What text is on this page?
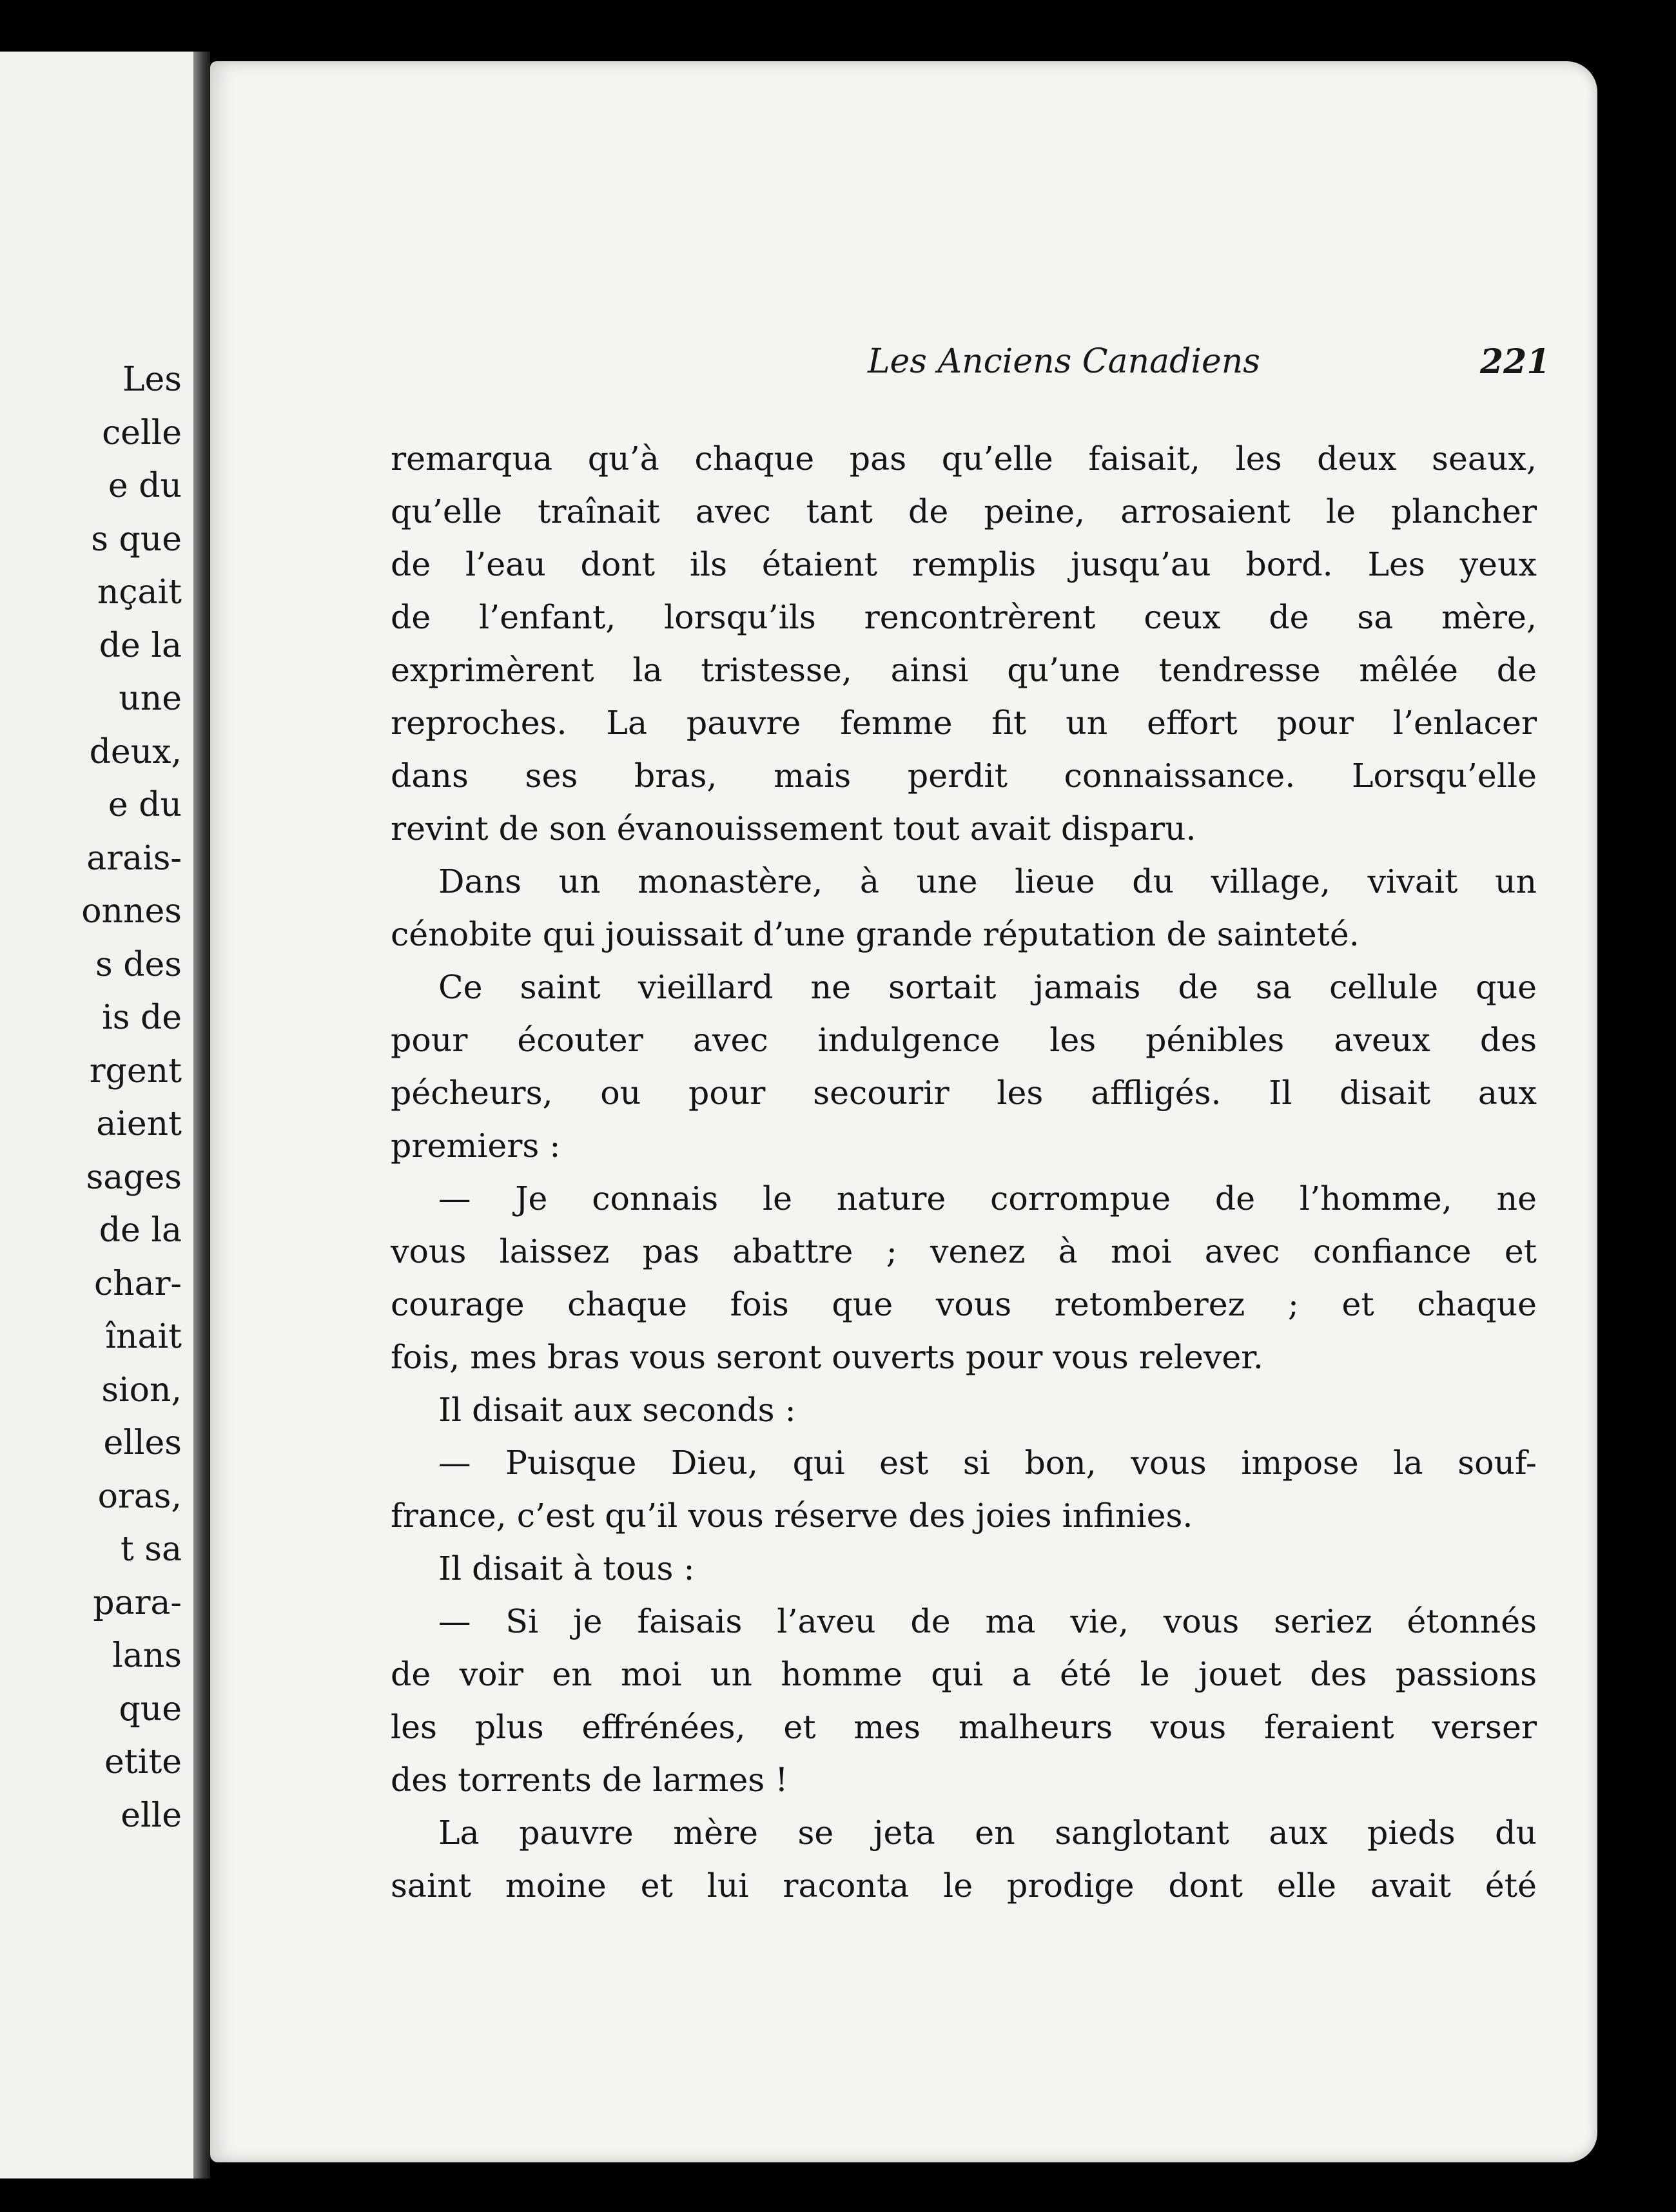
Les
celle
e du
s que
nçait
de la
une
deux,
e du
arais-
onnes
s des
is de
rgent
aient
sages
de la
char-
înait
sion,
elles
oras,
t sa
para-
lans
que
etite
elle
Les Anciens Canadiens	221
remarqua qu’à chaque pas qu’elle faisait, les deux seaux,
qu’elle traînait avec tant de peine, arrosaient le plancher
de l’eau dont ils étaient remplis jusqu’au bord. Les yeux
de l’enfant, lorsqu’ils rencontrèrent ceux de sa mère,
exprimèrent la tristesse, ainsi qu’une tendresse mêlée de
reproches. La pauvre femme fit un effort pour l’enlacer
dans ses bras, mais perdit connaissance. Lorsqu’elle
revint de son évanouissement tout avait disparu.
Dans un monastère, à une lieue du village, vivait un
cénobite qui jouissait d’une grande réputation de sainteté.
Ce saint vieillard ne sortait jamais de sa cellule que
pour écouter avec indulgence les pénibles aveux des
pécheurs, ou pour secourir les affligés. Il disait aux
premiers :
— Je connais le nature corrompue de l’homme, ne
vous laissez pas abattre ; venez à moi avec confiance et
courage chaque fois que vous retomberez ; et chaque
fois, mes bras vous seront ouverts pour vous relever.
Il disait aux seconds :
— Puisque Dieu, qui est si bon, vous impose la souf-
france, c’est qu’il vous réserve des joies infinies.
Il disait à tous :
— Si je faisais l’aveu de ma vie, vous seriez étonnés
de voir en moi un homme qui a été le jouet des passions
les plus effrénées, et mes malheurs vous feraient verser
des torrents de larmes !
La pauvre mère se jeta en sanglotant aux pieds du
saint moine et lui raconta le prodige dont elle avait été
